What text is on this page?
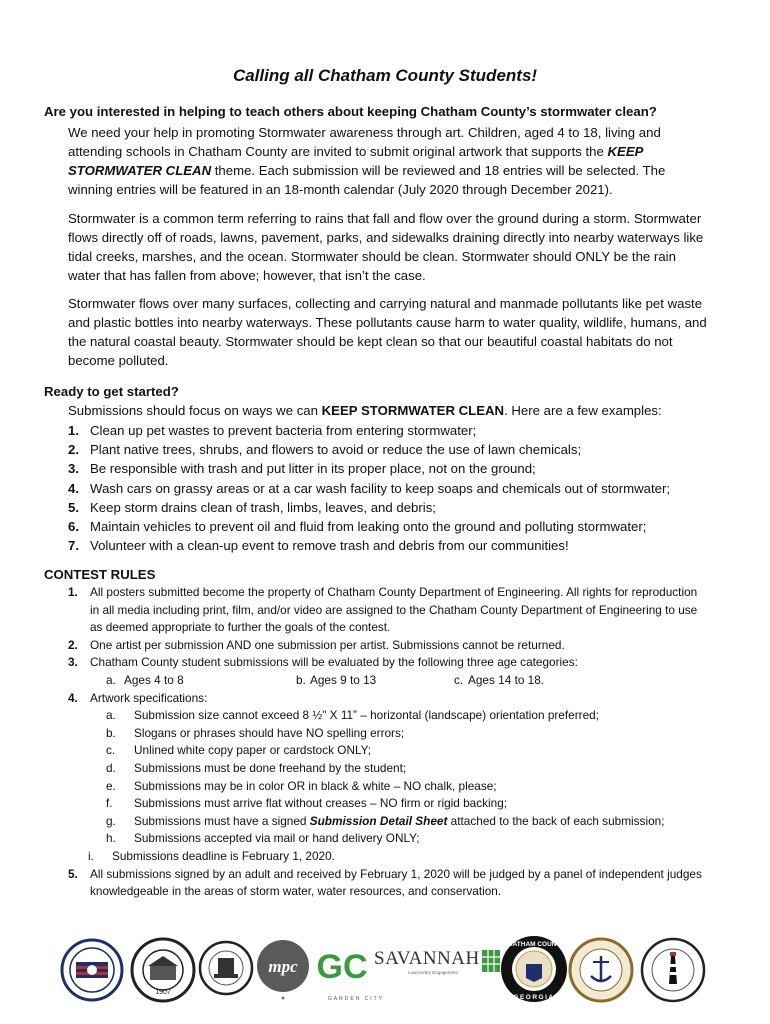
Calling all Chatham County Students!
Are you interested in helping to teach others about keeping Chatham County’s stormwater clean?
We need your help in promoting Stormwater awareness through art. Children, aged 4 to 18, living and attending schools in Chatham County are invited to submit original artwork that supports the KEEP STORMWATER CLEAN theme. Each submission will be reviewed and 18 entries will be selected. The winning entries will be featured in an 18-month calendar (July 2020 through December 2021).
Stormwater is a common term referring to rains that fall and flow over the ground during a storm. Stormwater flows directly off of roads, lawns, pavement, parks, and sidewalks draining directly into nearby waterways like tidal creeks, marshes, and the ocean. Stormwater should be clean. Stormwater should ONLY be the rain water that has fallen from above; however, that isn’t the case.
Stormwater flows over many surfaces, collecting and carrying natural and manmade pollutants like pet waste and plastic bottles into nearby waterways. These pollutants cause harm to water quality, wildlife, humans, and the natural coastal beauty. Stormwater should be kept clean so that our beautiful coastal habitats do not become polluted.
Ready to get started?
Submissions should focus on ways we can KEEP STORMWATER CLEAN. Here are a few examples:
1. Clean up pet wastes to prevent bacteria from entering stormwater;
2. Plant native trees, shrubs, and flowers to avoid or reduce the use of lawn chemicals;
3. Be responsible with trash and put litter in its proper place, not on the ground;
4. Wash cars on grassy areas or at a car wash facility to keep soaps and chemicals out of stormwater;
5. Keep storm drains clean of trash, limbs, leaves, and debris;
6. Maintain vehicles to prevent oil and fluid from leaking onto the ground and polluting stormwater;
7. Volunteer with a clean-up event to remove trash and debris from our communities!
CONTEST RULES
1. All posters submitted become the property of Chatham County Department of Engineering. All rights for reproduction in all media including print, film, and/or video are assigned to the Chatham County Department of Engineering to use as deemed appropriate to further the goals of the contest.
2. One artist per submission AND one submission per artist. Submissions cannot be returned.
3. Chatham County student submissions will be evaluated by the following three age categories:
a. Ages 4 to 8	b. Ages 9 to 13	c. Ages 14 to 18.
4. Artwork specifications:
a. Submission size cannot exceed 8 ½" X 11” – horizontal (landscape) orientation preferred;
b. Slogans or phrases should have NO spelling errors;
c. Unlined white copy paper or cardstock ONLY;
d. Submissions must be done freehand by the student;
e. Submissions may be in color OR in black & white – NO chalk, please;
f. Submissions must arrive flat without creases – NO firm or rigid backing;
g. Submissions must have a signed Submission Detail Sheet attached to the back of each submission;
h. Submissions accepted via mail or hand delivery ONLY;
i. Submissions deadline is February 1, 2020.
5. All submissions signed by an adult and received by February 1, 2020 will be judged by a panel of independent judges knowledgeable in the areas of storm water, water resources, and conservation.
1907
mpc GC
GARDEN CITY
SAVANNAH
Lowcountry Engagement
CHATHAM COUNTY
GEORGIA
